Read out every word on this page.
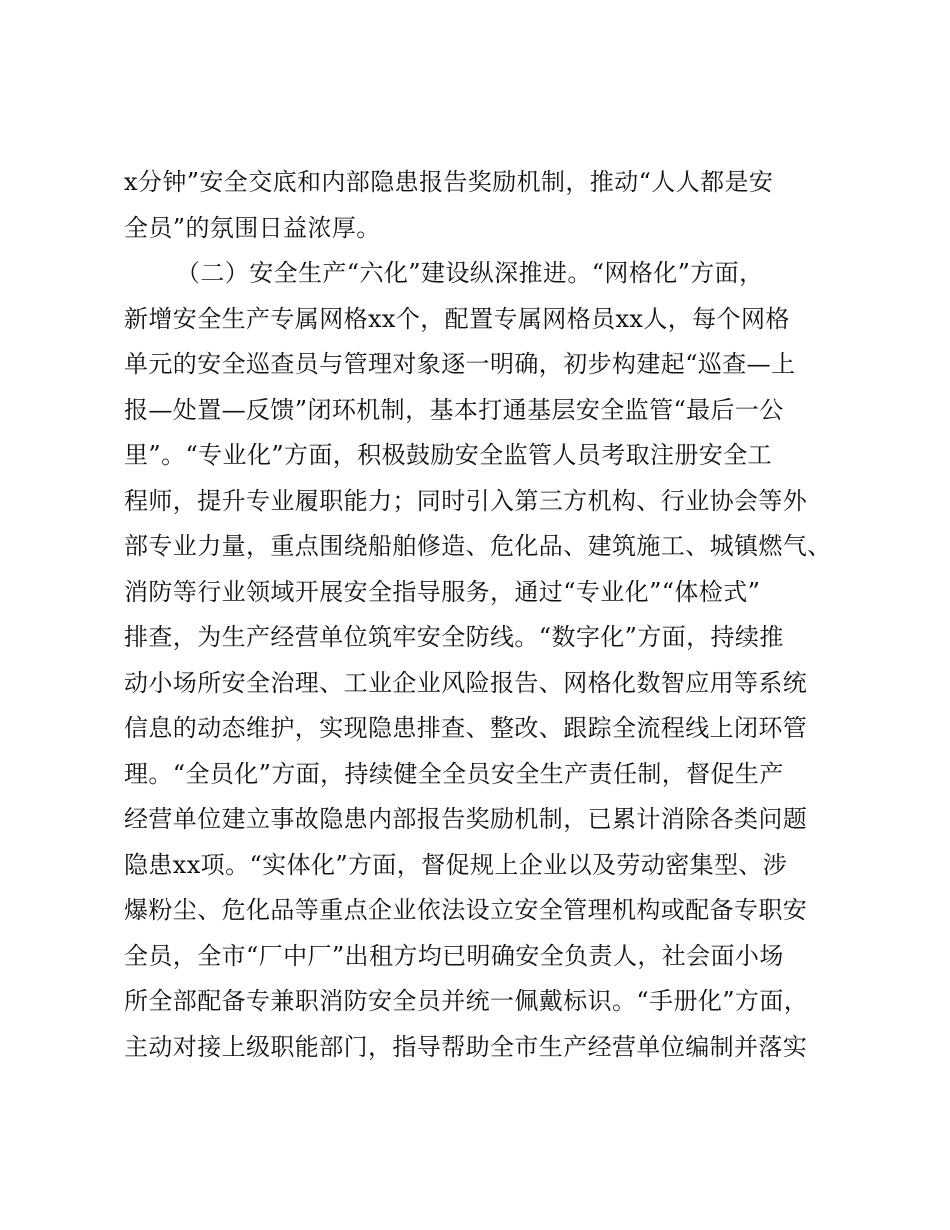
x分钟”安全交底和内部隐患报告奖励机制，推动“人人都是安
全员”的氛围日益浓厚。
（二）安全生产“六化”建设纵深推进。“网格化”方面，
新增安全生产专属网格xx个，配置专属网格员xx人，每个网格
单元的安全巡查员与管理对象逐一明确，初步构建起“巡查—上
报—处置—反馈”闭环机制，基本打通基层安全监管“最后一公
里”。“专业化”方面，积极鼓励安全监管人员考取注册安全工
程师，提升专业履职能力；同时引入第三方机构、行业协会等外
部专业力量，重点围绕船舶修造、危化品、建筑施工、城镇燃气、
消防等行业领域开展安全指导服务，通过“专业化”“体检式”
排查，为生产经营单位筑牢安全防线。“数字化”方面，持续推
动小场所安全治理、工业企业风险报告、网格化数智应用等系统
信息的动态维护，实现隐患排查、整改、跟踪全流程线上闭环管
理。“全员化”方面，持续健全全员安全生产责任制，督促生产
经营单位建立事故隐患内部报告奖励机制，已累计消除各类问题
隐患xx项。“实体化”方面，督促规上企业以及劳动密集型、涉
爆粉尘、危化品等重点企业依法设立安全管理机构或配备专职安
全员，全市“厂中厂”出租方均已明确安全负责人，社会面小场
所全部配备专兼职消防安全员并统一佩戴标识。“手册化”方面，
主动对接上级职能部门，指导帮助全市生产经营单位编制并落实
